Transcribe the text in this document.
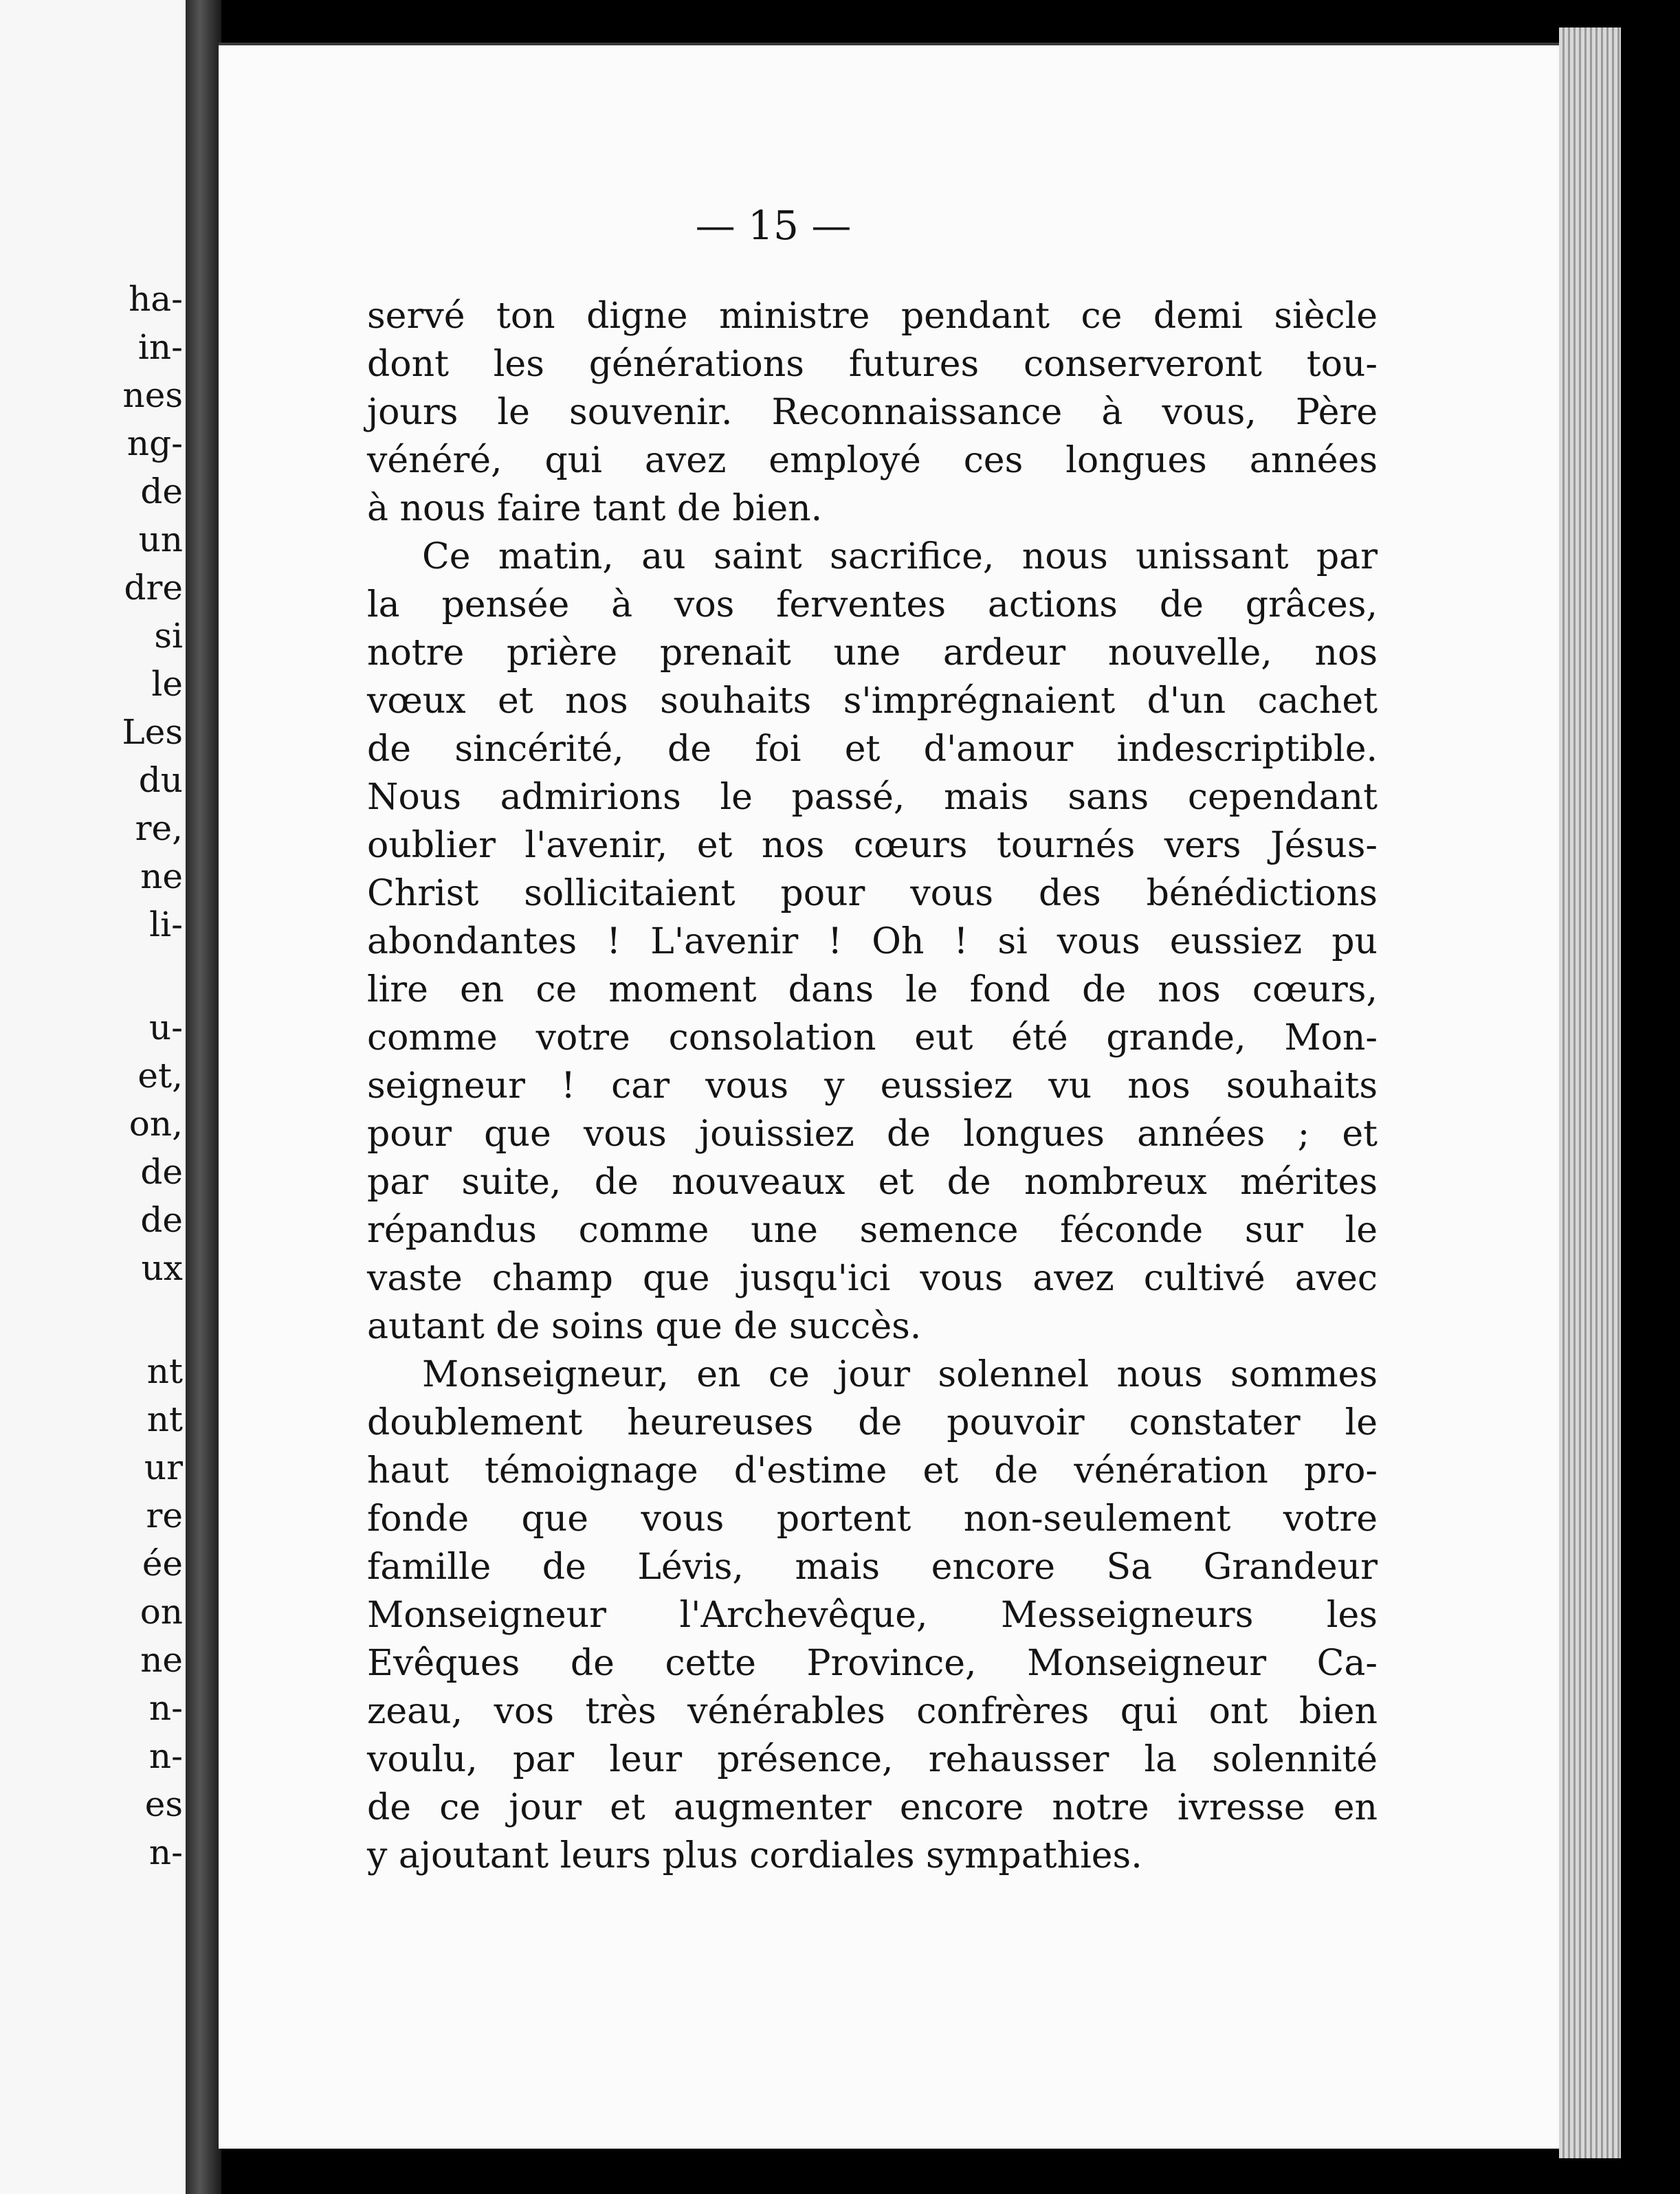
ha-
in-
nes
ng-
de
un
dre
si
le
Les
du
re,
ne
li-
u-
et,
on,
de
de
ux
nt
nt
ur
re
ée
on
ne
n-
n-
es
n-
— 15 —
servé ton digne ministre pendant ce demi siècle
dont les générations futures conserveront tou-
jours le souvenir. Reconnaissance à vous, Père
vénéré, qui avez employé ces longues années
à nous faire tant de bien.
Ce matin, au saint sacrifice, nous unissant par
la pensée à vos ferventes actions de grâces,
notre prière prenait une ardeur nouvelle, nos
vœux et nos souhaits s'imprégnaient d'un cachet
de sincérité, de foi et d'amour indescriptible.
Nous admirions le passé, mais sans cependant
oublier l'avenir, et nos cœurs tournés vers Jésus-
Christ sollicitaient pour vous des bénédictions
abondantes ! L'avenir ! Oh ! si vous eussiez pu
lire en ce moment dans le fond de nos cœurs,
comme votre consolation eut été grande, Mon-
seigneur ! car vous y eussiez vu nos souhaits
pour que vous jouissiez de longues années ; et
par suite, de nouveaux et de nombreux mérites
répandus comme une semence féconde sur le
vaste champ que jusqu'ici vous avez cultivé avec
autant de soins que de succès.
Monseigneur, en ce jour solennel nous sommes
doublement heureuses de pouvoir constater le
haut témoignage d'estime et de vénération pro-
fonde que vous portent non-seulement votre
famille de Lévis, mais encore Sa Grandeur
Monseigneur l'Archevêque, Messeigneurs les
Evêques de cette Province, Monseigneur Ca-
zeau, vos très vénérables confrères qui ont bien
voulu, par leur présence, rehausser la solennité
de ce jour et augmenter encore notre ivresse en
y ajoutant leurs plus cordiales sympathies.
